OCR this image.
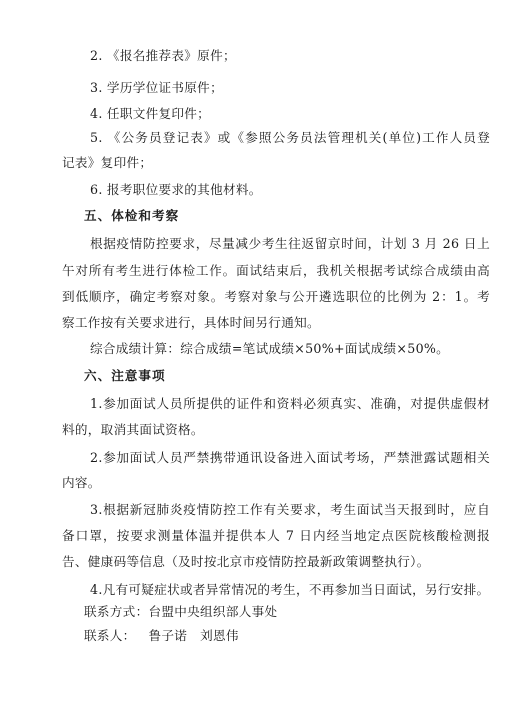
2. 《报名推荐表》原件；
3. 学历学位证书原件；
4. 任职文件复印件；
5. 《公务员登记表》或《参照公务员法管理机关(单位)工作人员登
记表》复印件；
6. 报考职位要求的其他材料。
五、体检和考察
根据疫情防控要求，尽量减少考生往返留京时间，计划 3 月 26 日上
午对所有考生进行体检工作。面试结束后，我机关根据考试综合成绩由高
到低顺序，确定考察对象。考察对象与公开遴选职位的比例为 2：1。考
察工作按有关要求进行，具体时间另行通知。
综合成绩计算：综合成绩=笔试成绩×50%+面试成绩×50%。
六、注意事项
1.参加面试人员所提供的证件和资料必须真实、准确，对提供虚假材
料的，取消其面试资格。
2.参加面试人员严禁携带通讯设备进入面试考场，严禁泄露试题相关
内容。
3.根据新冠肺炎疫情防控工作有关要求，考生面试当天报到时，应自
备口罩，按要求测量体温并提供本人 7 日内经当地定点医院核酸检测报
告、健康码等信息（及时按北京市疫情防控最新政策调整执行）。
4.凡有可疑症状或者异常情况的考生，不再参加当日面试，另行安排。
联系方式：台盟中央组织部人事处
联系人：   鲁子诺   刘恩伟
